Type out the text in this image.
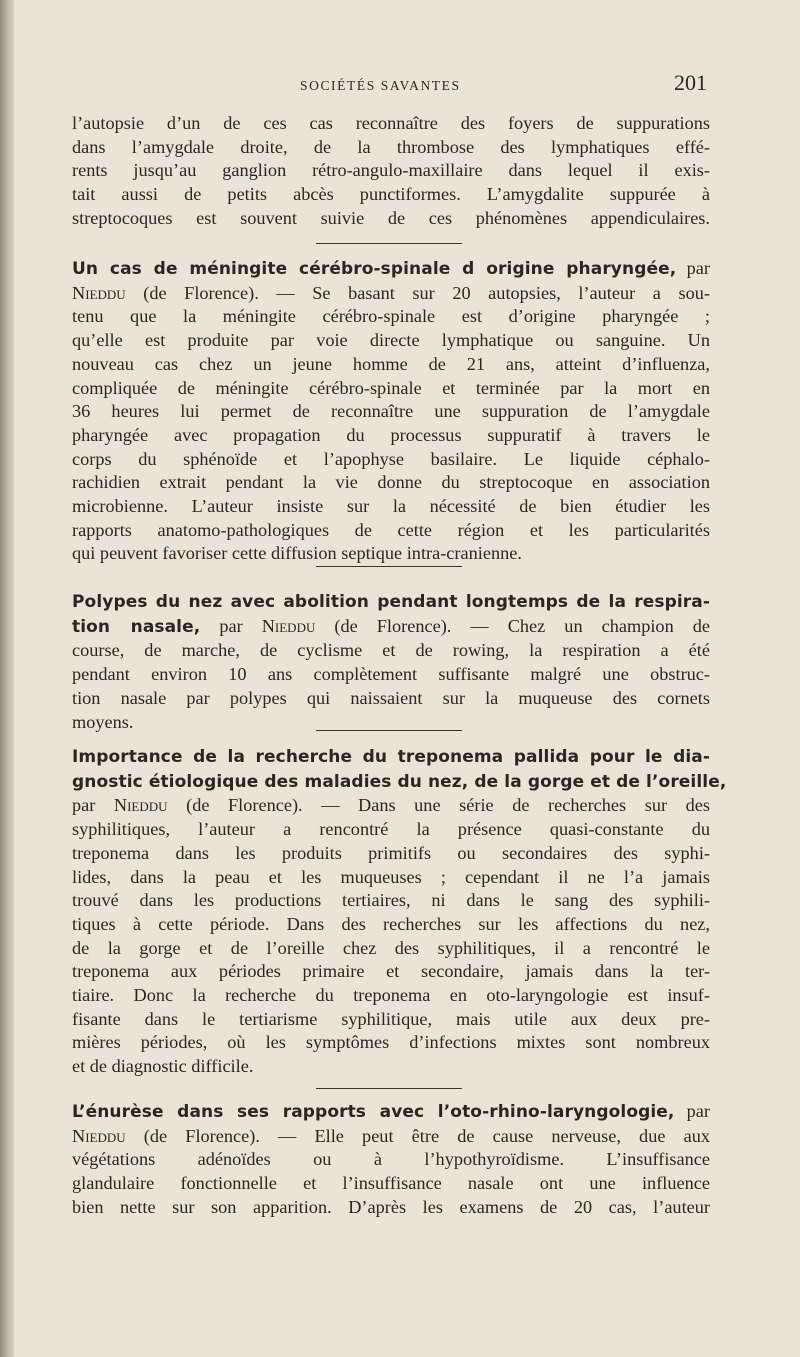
SOCIÉTÉS SAVANTES	201
l’autopsie d’un de ces cas reconnaître des foyers de suppurations
dans l’amygdale droite, de la thrombose des lymphatiques effé-
rents jusqu’au ganglion rétro-angulo-maxillaire dans lequel il exis-
tait aussi de petits abcès punctiformes. L’amygdalite suppurée à
streptocoques est souvent suivie de ces phénomènes appendiculaires.
Un cas de méningite cérébro-spinale d origine pharyngée, par
Nieddu (de Florence). — Se basant sur 20 autopsies, l’auteur a sou-
tenu que la méningite cérébro-spinale est d’origine pharyngée ;
qu’elle est produite par voie directe lymphatique ou sanguine. Un
nouveau cas chez un jeune homme de 21 ans, atteint d’influenza,
compliquée de méningite cérébro-spinale et terminée par la mort en
36 heures lui permet de reconnaître une suppuration de l’amygdale
pharyngée avec propagation du processus suppuratif à travers le
corps du sphénoïde et l’apophyse basilaire. Le liquide céphalo-
rachidien extrait pendant la vie donne du streptocoque en association
microbienne. L’auteur insiste sur la nécessité de bien étudier les
rapports anatomo-pathologiques de cette région et les particularités
qui peuvent favoriser cette diffusion septique intra-cranienne.
Polypes du nez avec abolition pendant longtemps de la respira-
tion nasale, par Nieddu (de Florence). — Chez un champion de
course, de marche, de cyclisme et de rowing, la respiration a été
pendant environ 10 ans complètement suffisante malgré une obstruc-
tion nasale par polypes qui naissaient sur la muqueuse des cornets
moyens.
Importance de la recherche du treponema pallida pour le dia-
gnostic étiologique des maladies du nez, de la gorge et de l’oreille,
par Nieddu (de Florence). — Dans une série de recherches sur des
syphilitiques, l’auteur a rencontré la présence quasi-constante du
treponema dans les produits primitifs ou secondaires des syphi-
lides, dans la peau et les muqueuses ; cependant il ne l’a jamais
trouvé dans les productions tertiaires, ni dans le sang des syphili-
tiques à cette période. Dans des recherches sur les affections du nez,
de la gorge et de l’oreille chez des syphilitiques, il a rencontré le
treponema aux périodes primaire et secondaire, jamais dans la ter-
tiaire. Donc la recherche du treponema en oto-laryngologie est insuf-
fisante dans le tertiarisme syphilitique, mais utile aux deux pre-
mières périodes, où les symptômes d’infections mixtes sont nombreux
et de diagnostic difficile.
L’énurèse dans ses rapports avec l’oto-rhino-laryngologie, par
Nieddu (de Florence). — Elle peut être de cause nerveuse, due aux
végétations adénoïdes ou à l’hypothyroïdisme. L’insuffisance
glandulaire fonctionnelle et l’insuffisance nasale ont une influence
bien nette sur son apparition. D’après les examens de 20 cas, l’auteur
